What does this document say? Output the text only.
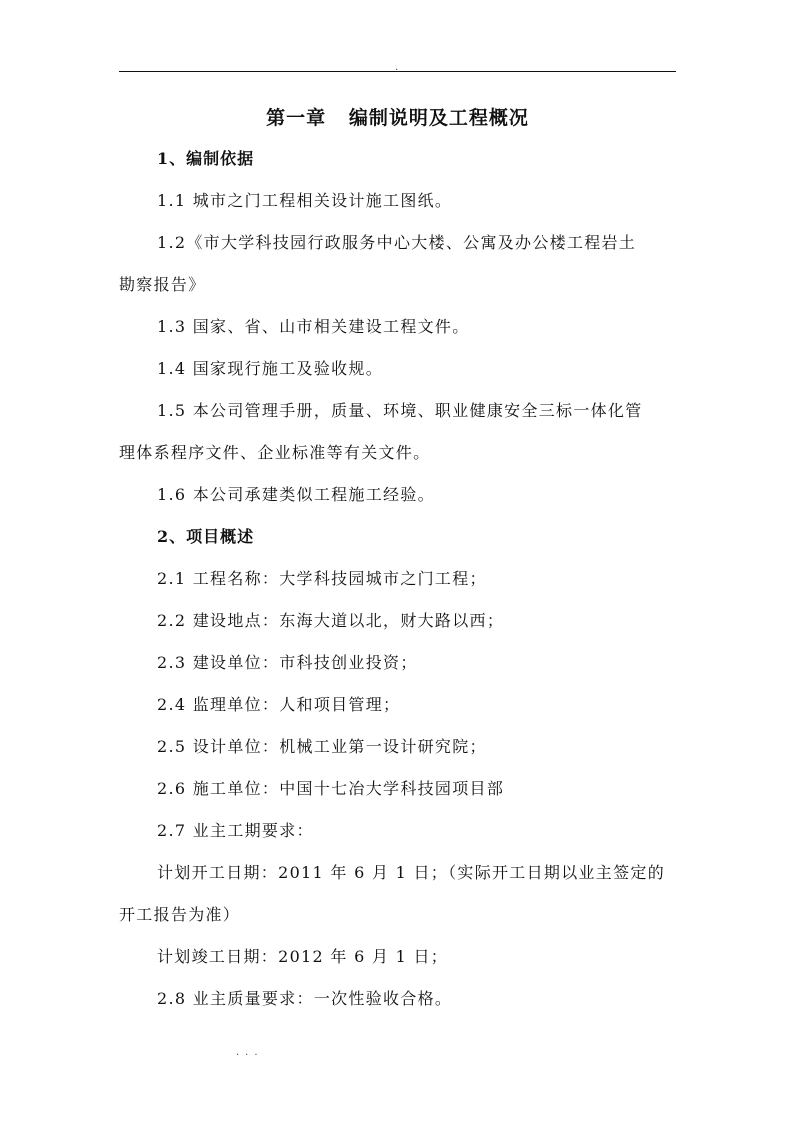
.
第一章   编制说明及工程概况
1、编制依据
1.1 城市之门工程相关设计施工图纸。
1.2《市大学科技园行政服务中心大楼、公寓及办公楼工程岩土
勘察报告》
1.3 国家、省、山市相关建设工程文件。
1.4 国家现行施工及验收规。
1.5 本公司管理手册，质量、环境、职业健康安全三标一体化管
理体系程序文件、企业标准等有关文件。
1.6 本公司承建类似工程施工经验。
2、项目概述
2.1 工程名称：大学科技园城市之门工程；
2.2 建设地点：东海大道以北，财大路以西；
2.3 建设单位：市科技创业投资；
2.4 监理单位：人和项目管理；
2.5 设计单位：机械工业第一设计研究院；
2.6 施工单位：中国十七冶大学科技园项目部
2.7 业主工期要求：
计划开工日期：2011 年 6 月 1 日；（实际开工日期以业主签定的
开工报告为准）
计划竣工日期：2012 年 6 月 1 日；
2.8 业主质量要求：一次性验收合格。
...
